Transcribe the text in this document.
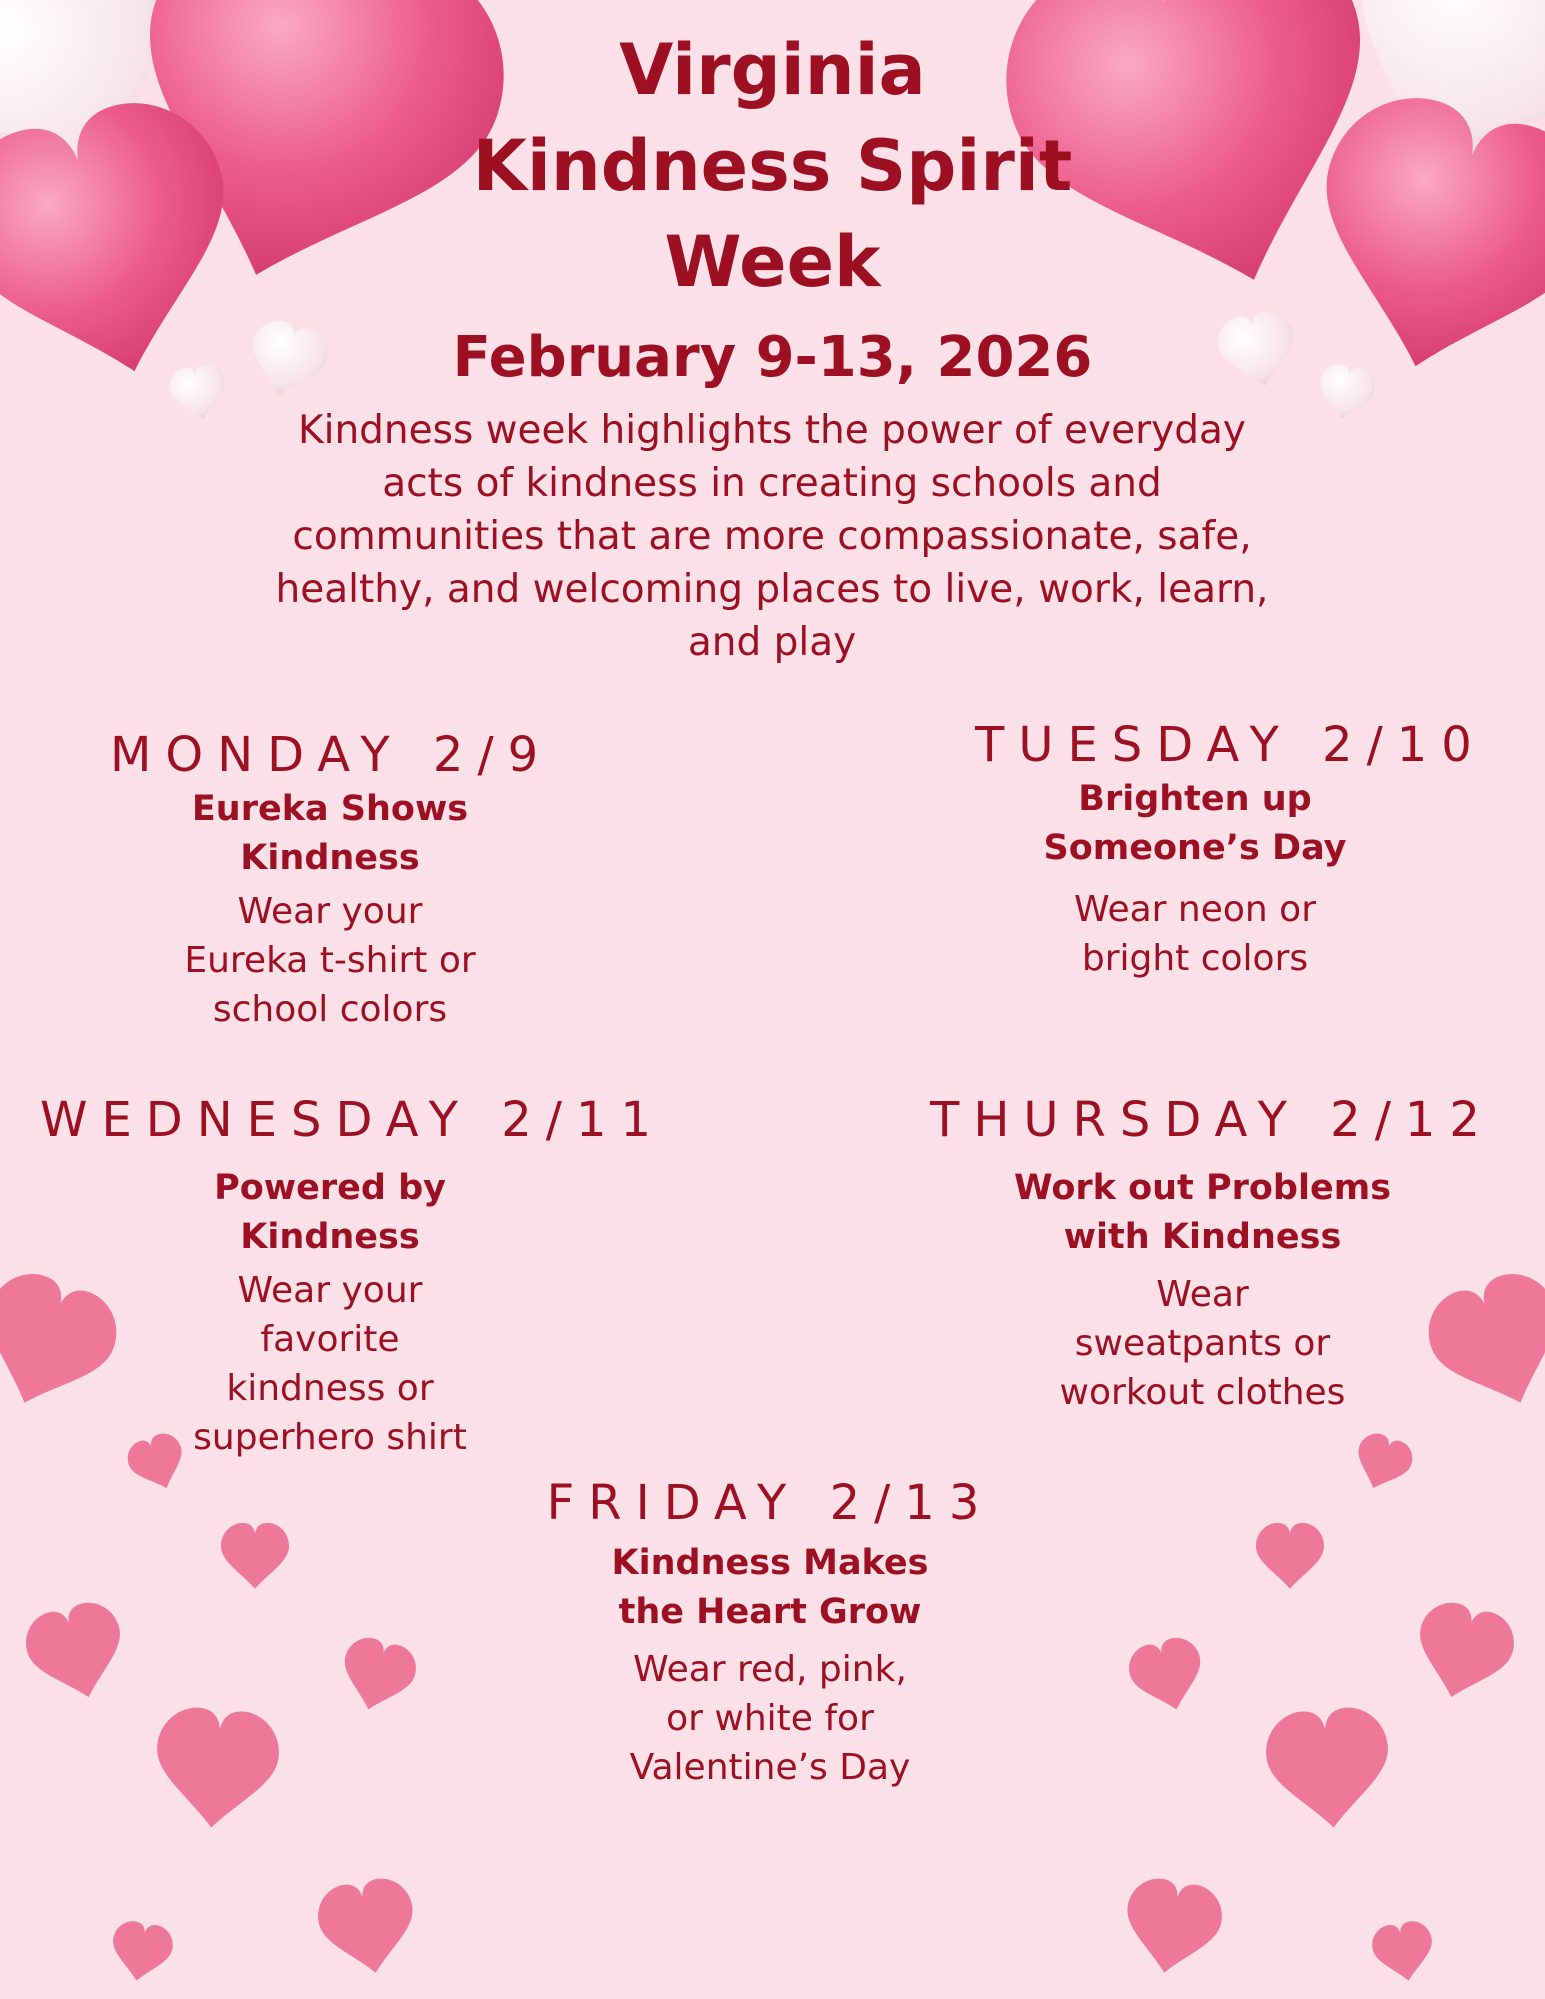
Virginia
Kindness Spirit
Week
February 9-13, 2026
Kindness week highlights the power of everyday
acts of kindness in creating schools and
communities that are more compassionate, safe,
healthy, and welcoming places to live, work, learn,
and play
MONDAY 2/9
Eureka Shows
Kindness
Wear your
Eureka t-shirt or
school colors
TUESDAY 2/10
Brighten up
Someone’s Day
Wear neon or
bright colors
WEDNESDAY 2/11
Powered by
Kindness
Wear your
favorite
kindness or
superhero shirt
THURSDAY 2/12
Work out Problems
with Kindness
Wear
sweatpants or
workout clothes
FRIDAY 2/13
Kindness Makes
the Heart Grow
Wear red, pink,
or white for
Valentine’s Day
